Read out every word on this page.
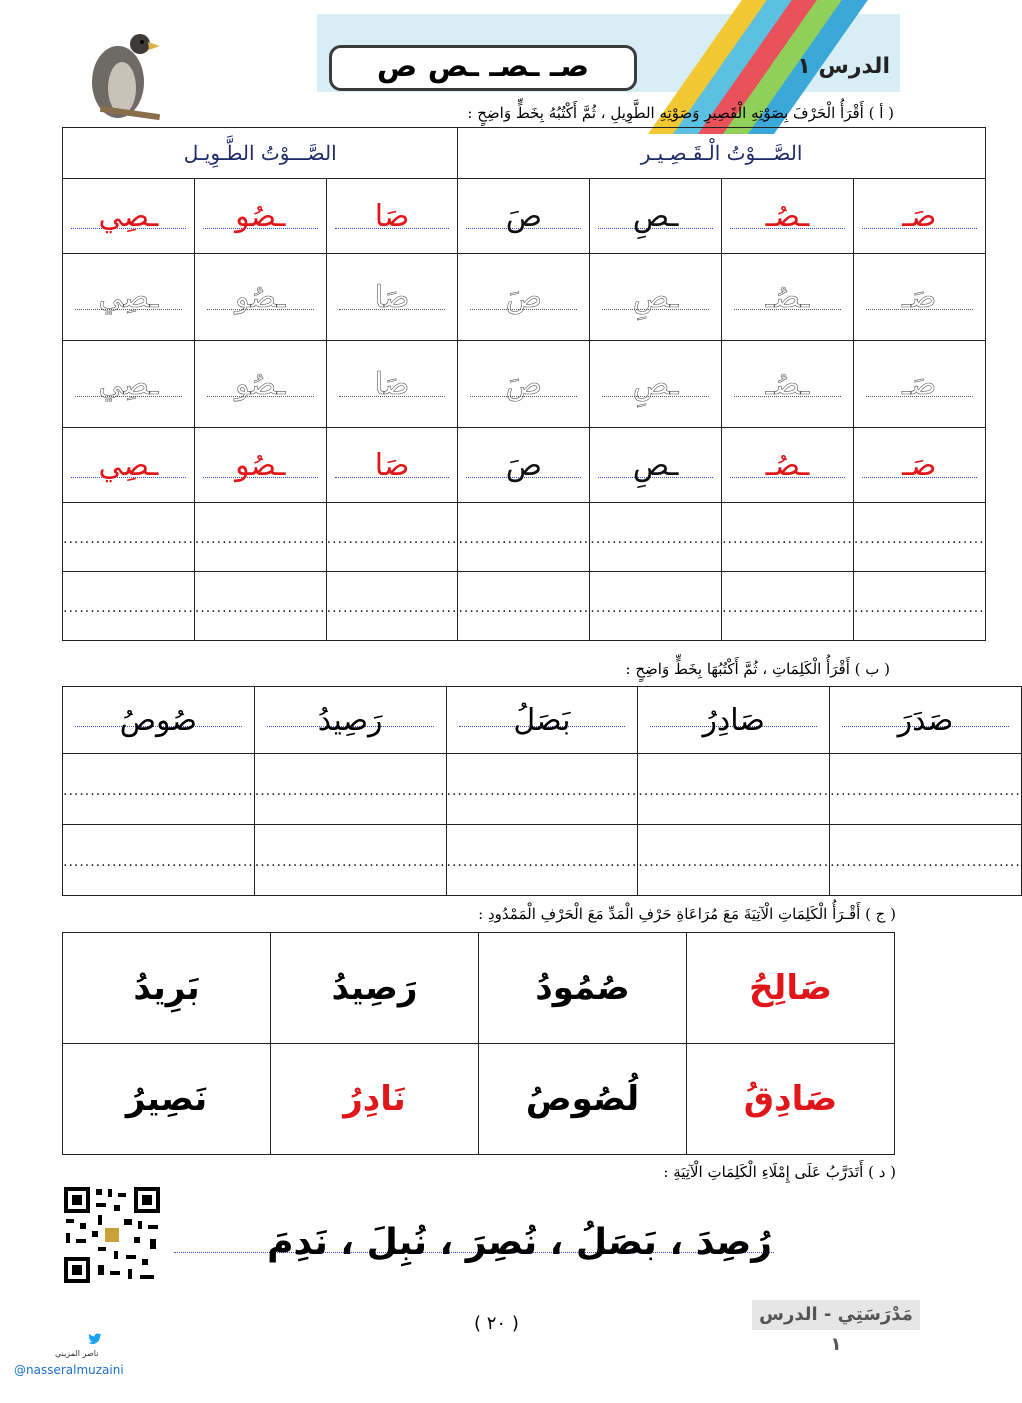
صـ ـصـ ـص ص	الدرس ١
( أ ) أَقْرَأُ الْحَرْفَ بِصَوْتِهِ الْقَصِيرِ وَصَوْتِهِ الطَّوِيلِ ، ثُمَّ أَكْتُبُهُ بِخَطٍّ وَاضِحٍ :
الصَّـــوْتُ الْـقَـصِـيـر				الصَّـــوْتُ الطَّـوِيـل		

صَـ	ـصُـ	ـصِ	صَ	صَا	ـصُو	ـصِي

صَـ	ـصُـ	ـصِ	صَ	صَا	ـصُو	ـصِي

صَـ	ـصُـ	ـصِ	صَ	صَا	ـصُو	ـصِي

صَـ	ـصُـ	ـصِ	صَ	صَا	ـصُو	ـصِي
........................	........................	........................	........................	........................	........................	........................
........................	........................	........................	........................	........................	........................	........................
( ب ) أَقْرَأُ الْكَلِمَاتِ ، ثُمَّ أَكْتُبُهَا بِخَطٍّ وَاضِحٍ :
صَدَرَ	صَادِرُ	بَصَلُ	رَصِيدُ	صُوصُ
...................................	...................................	...................................	...................................	...................................
...................................	...................................	...................................	...................................	...................................
( ج ) أَقْـرَأُ الْكَلِمَاتِ الْآتِيَةَ مَعَ مُرَاعَاةِ حَرْفِ الْمَدِّ مَعَ الْحَرْفِ الْمَمْدُودِ :
صَالِحُ	صُمُودُ	رَصِيدُ	بَرِيدُ
صَادِقُ	لُصُوصُ	نَادِرُ	نَصِيرُ
( د ) أَتَدَرَّبُ عَلَى إِمْلَاءِ الْكَلِمَاتِ الْآتِيَةِ :
رُصِدَ ، بَصَلُ ، نُصِرَ ، نُبِلَ ، نَدِمَ
( ٢٠ )	مَدْرَسَتِي - الدرس ١
ناصر المزيني
@nasseralmuzaini
